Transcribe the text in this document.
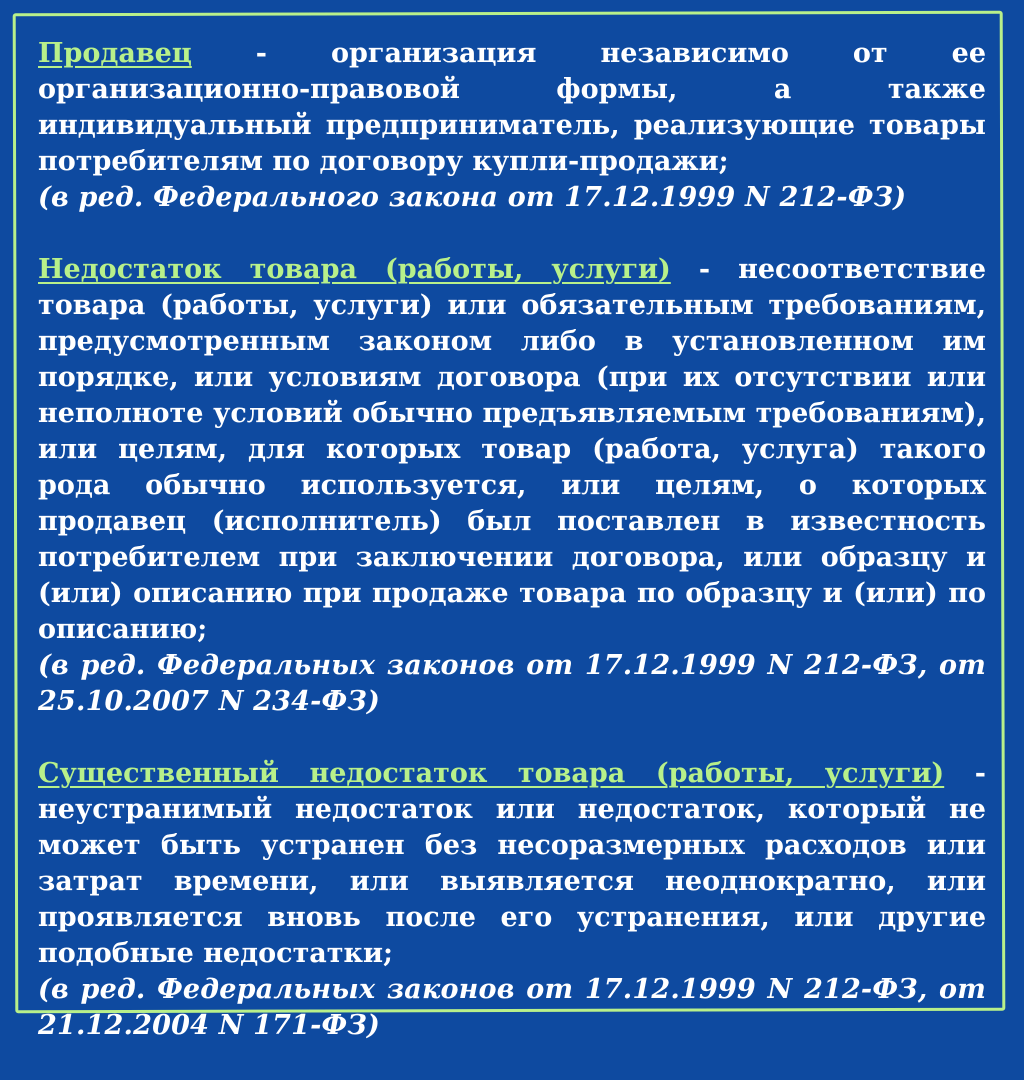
Продавец - организация независимо от ее организационно-правовой формы, а также индивидуальный предприниматель, реализующие товары потребителям по договору купли-продажи;

(в ред. Федерального закона от 17.12.1999 N 212-ФЗ)

Недостаток товара (работы, услуги) - несоответствие товара (работы, услуги) или обязательным требованиям, предусмотренным законом либо в установленном им порядке, или условиям договора (при их отсутствии или неполноте условий обычно предъявляемым требованиям), или целям, для которых товар (работа, услуга) такого рода обычно используется, или целям, о которых продавец (исполнитель) был поставлен в известность потребителем при заключении договора, или образцу и (или) описанию при продаже товара по образцу и (или) по описанию;

(в ред. Федеральных законов от 17.12.1999 N 212-ФЗ, от 25.10.2007 N 234-ФЗ)

Существенный недостаток товара (работы, услуги) - неустранимый недостаток или недостаток, который не может быть устранен без несоразмерных расходов или затрат времени, или выявляется неоднократно, или проявляется вновь после его устранения, или другие подобные недостатки;

(в ред. Федеральных законов от 17.12.1999 N 212-ФЗ, от 21.12.2004 N 171-ФЗ)
